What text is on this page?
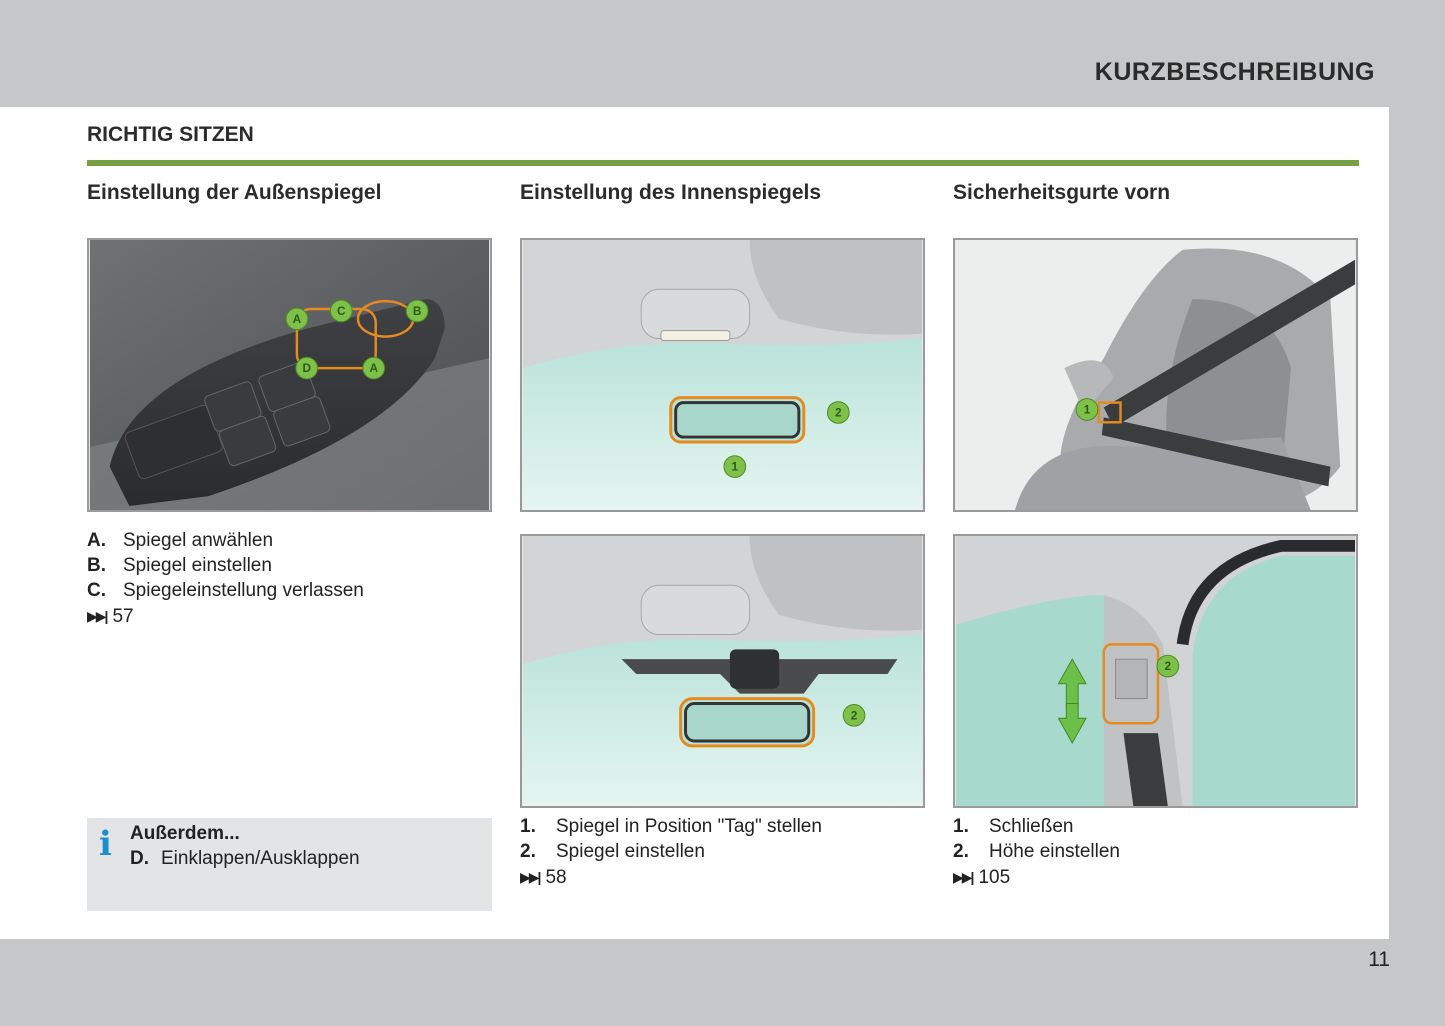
KURZBESCHREIBUNG
RICHTIG SITZEN
Einstellung der Außenspiegel	Einstellung des Innenspiegels	Sicherheitsgurte vorn
A
B
C
D	A
1
2	1
2
2
A. Spiegel anwählen
B. Spiegel einstellen
C. Spiegeleinstellung verlassen
▶▶| 57
i Außerdem...
D. Einklappen/Ausklappen
1. Spiegel in Position "Tag" stellen
2. Spiegel einstellen
▶▶| 58
1. Schließen
2. Höhe einstellen
▶▶| 105
11
